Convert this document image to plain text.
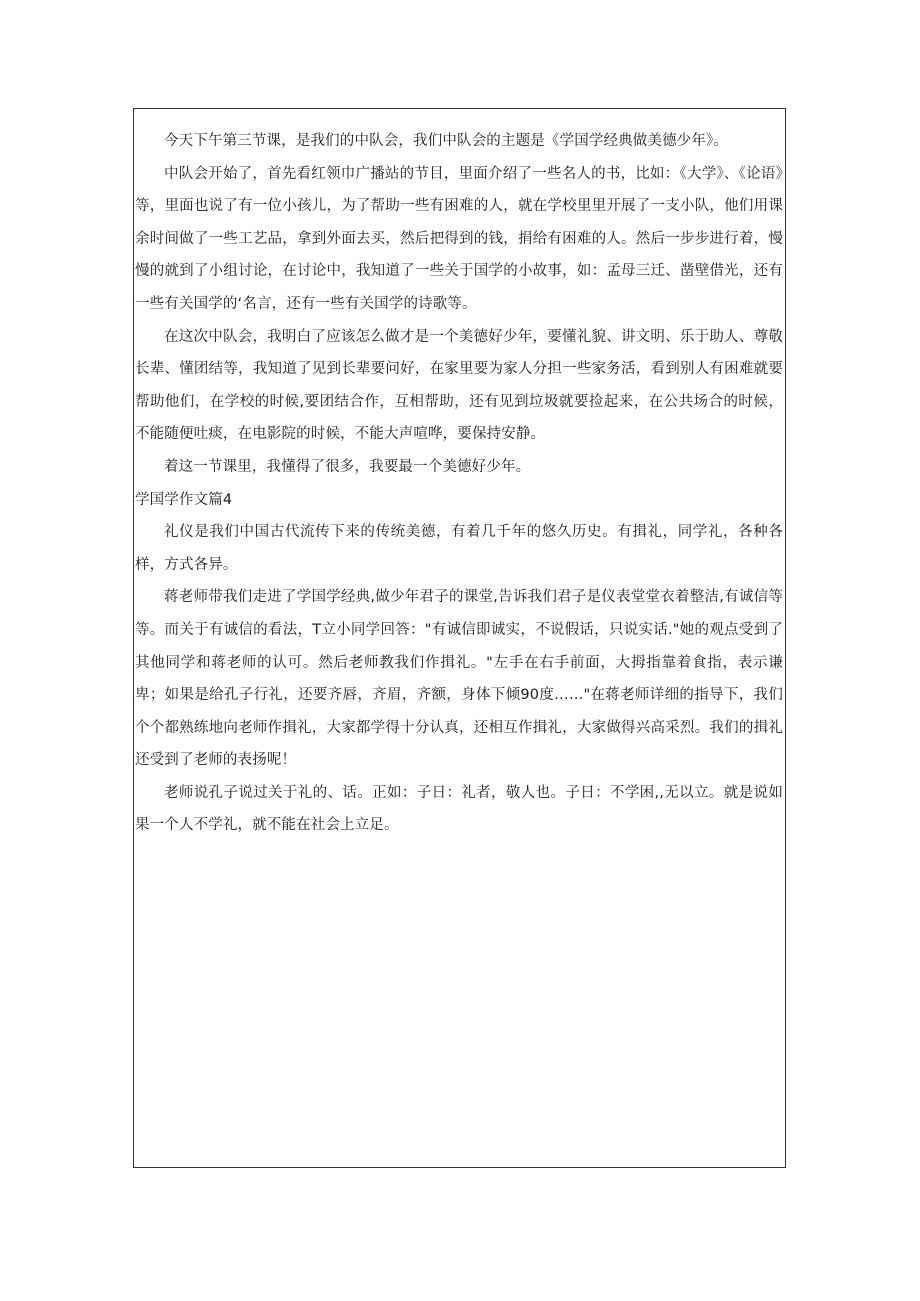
今天下午第三节课，是我们的中队会，我们中队会的主题是《学国学经典做美德少年》。

中队会开始了，首先看红领巾广播站的节目，里面介绍了一些名人的书，比如：《大学》、《论语》等，里面也说了有一位小孩儿，为了帮助一些有困难的人，就在学校里里开展了一支小队，他们用课余时间做了一些工艺品，拿到外面去买，然后把得到的钱，捐给有困难的人。然后一步步进行着，慢慢的就到了小组讨论，在讨论中，我知道了一些关于国学的小故事，如：孟母三迁、凿壁借光，还有一些有关国学的‘名言，还有一些有关国学的诗歌等。

在这次中队会，我明白了应该怎么做才是一个美德好少年，要懂礼貌、讲文明、乐于助人、尊敬长辈、懂团结等，我知道了见到长辈要问好，在家里要为家人分担一些家务活，看到别人有困难就要帮助他们，在学校的时候,要团结合作，互相帮助，还有见到垃圾就要捡起来，在公共场合的时候，不能随便吐痰，在电影院的时候，不能大声喧哗，要保持安静。

着这一节课里，我懂得了很多，我要最一个美德好少年。

学国学作文篇4

礼仪是我们中国古代流传下来的传统美德，有着几千年的悠久历史。有揖礼，同学礼，各种各样，方式各异。

蒋老师带我们走进了学国学经典,做少年君子的课堂,告诉我们君子是仪表堂堂衣着整洁,有诚信等等。而关于有诚信的看法，T立小同学回答："有诚信即诚实，不说假话，只说实话."她的观点受到了其他同学和蒋老师的认可。然后老师教我们作揖礼。"左手在右手前面，大拇指靠着食指，表示谦卑；如果是给孔子行礼，还要齐唇，齐眉，齐额，身体下倾90度……"在蒋老师详细的指导下，我们个个都熟练地向老师作揖礼，大家都学得十分认真，还相互作揖礼，大家做得兴高采烈。我们的揖礼还受到了老师的表扬呢！

老师说孔子说过关于礼的、话。正如：子日：礼者，敬人也。子日：不学困,,无以立。就是说如果一个人不学礼，就不能在社会上立足。
